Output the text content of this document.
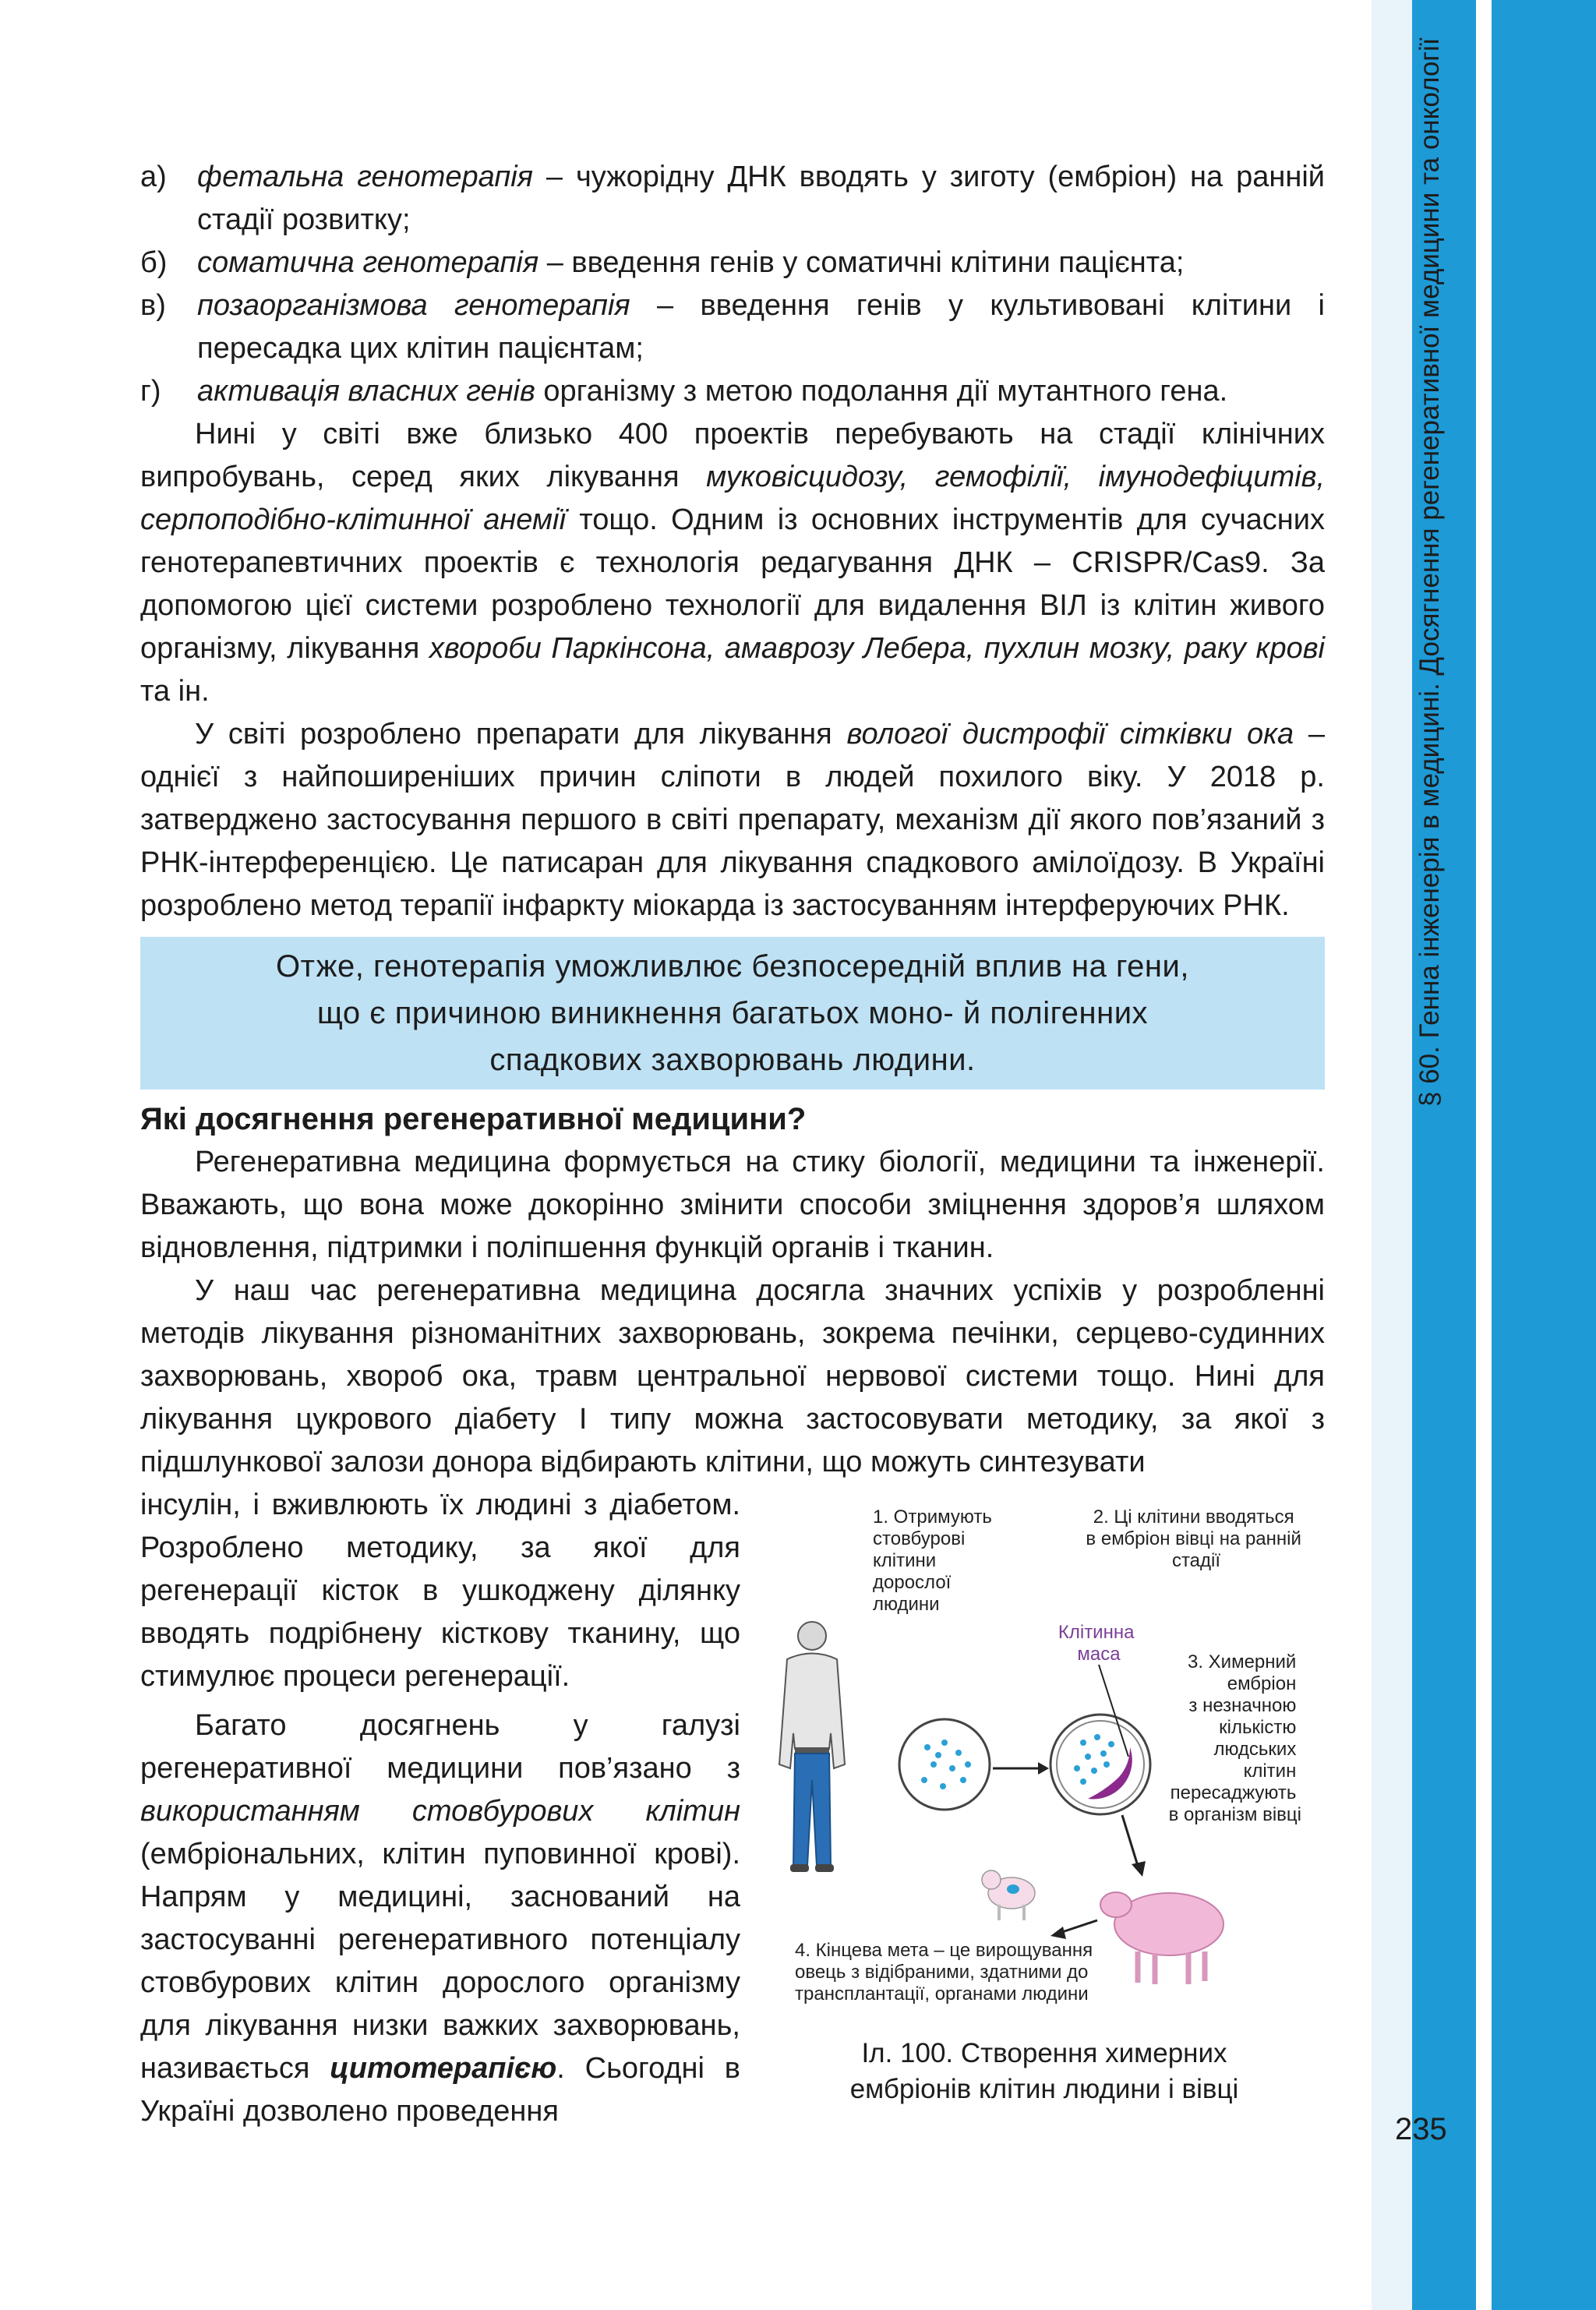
§ 60. Генна інженерія в медицині. Досягнення регенеративної медицини та онкології
235
а) фетальна генотерапія – чужорідну ДНК вводять у зиготу (ембріон) на ранній стадії розвитку;
б) соматична генотерапія – введення генів у соматичні клітини пацієнта;
в) позаорганізмова генотерапія – введення генів у культивовані клітини і пересадка цих клітин пацієнтам;
г) активація власних генів організму з метою подолання дії мутантного гена.

Нині у світі вже близько 400 проектів перебувають на стадії клінічних випробувань, серед яких лікування муковісцидозу, гемофілії, імунодефіцитів, серпоподібно-клітинної анемії тощо. Одним із основних інструментів для сучасних генотерапевтичних проектів є технологія редагування ДНК – CRISPR/Cas9. За допомогою цієї системи розроблено технології для видалення ВІЛ із клітин живого організму, лікування хвороби Паркінсона, амаврозу Лебера, пухлин мозку, раку крові та ін.

У світі розроблено препарати для лікування вологої дистрофії сітківки ока – однієї з найпоширеніших причин сліпоти в людей похилого віку. У 2018 р. затверджено застосування першого в світі препарату, механізм дії якого пов’язаний з РНК-інтерференцією. Це патисаран для лікування спадкового амілоїдозу. В Україні розроблено метод терапії інфаркту міокарда із застосуванням інтерферуючих РНК.

Отже, генотерапія уможливлює безпосередній вплив на гени,
що є причиною виникнення багатьох моно- й полігенних
спадкових захворювань людини.
Які досягнення регенеративної медицини?

Регенеративна медицина формується на стику біології, медицини та інженерії. Вважають, що вона може докорінно змінити способи зміцнення здоров’я шляхом відновлення, підтримки і поліпшення функцій органів і тканин.

У наш час регенеративна медицина досягла значних успіхів у розробленні методів лікування різноманітних захворювань, зокрема печінки, серцево-судинних захворювань, хвороб ока, травм центральної нервової системи тощо. Нині для лікування цукрового діабету І типу можна застосовувати методику, за якої з підшлункової залози донора відбирають клітини, що можуть синтезувати

інсулін, і вживлюють їх людині з діабетом. Розроблено методику, за якої для регенерації кісток в ушкоджену ділянку вводять подрібнену кісткову тканину, що стимулює процеси регенерації.

Багато досягнень у галузі регенеративної медицини пов’язано з використанням стовбурових клітин (ембріональних, клітин пуповинної крові). Напрям у медицині, заснований на застосуванні регенеративного потенціалу стовбурових клітин дорослого організму для лікування низки важких захворювань, називається цитотерапією. Сьогодні в Україні дозволено проведення

1. Отримують стовбурові клітини дорослої людини
2. Ці клітини вводяться в ембріон вівці на ранній стадії
Клітинна маса	3. Химерний ембріон з незначною кількістю людських клітин пересаджують в організм вівці
4. Кінцева мета – це вирощування овець з відібраними, здатними до трансплантації, органами людини
Іл. 100. Створення химерних
ембріонів клітин людини і вівці
